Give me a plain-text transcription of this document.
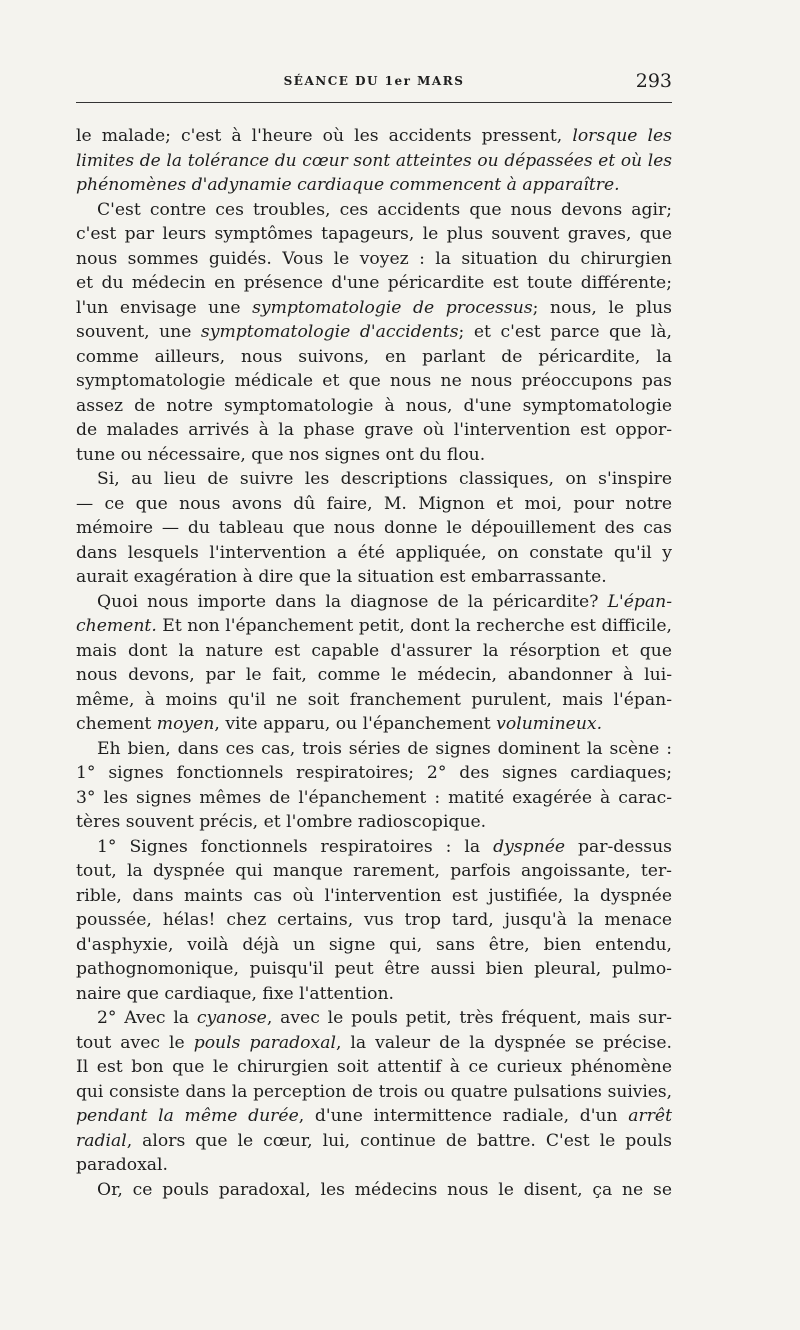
SÉANCE DU 1er MARS	293
le malade; c'est à l'heure où les accidents pressent, lorsque les
limites de la tolérance du cœur sont atteintes ou dépassées et où les
phénomènes d'adynamie cardiaque commencent à apparaître.
C'est contre ces troubles, ces accidents que nous devons agir;
c'est par leurs symptômes tapageurs, le plus souvent graves, que
nous sommes guidés. Vous le voyez : la situation du chirurgien
et du médecin en présence d'une péricardite est toute différente;
l'un envisage une symptomatologie de processus; nous, le plus
souvent, une symptomatologie d'accidents; et c'est parce que là,
comme ailleurs, nous suivons, en parlant de péricardite, la
symptomatologie médicale et que nous ne nous préoccupons pas
assez de notre symptomatologie à nous, d'une symptomatologie
de malades arrivés à la phase grave où l'intervention est oppor-
tune ou nécessaire, que nos signes ont du flou.
Si, au lieu de suivre les descriptions classiques, on s'inspire
— ce que nous avons dû faire, M. Mignon et moi, pour notre
mémoire — du tableau que nous donne le dépouillement des cas
dans lesquels l'intervention a été appliquée, on constate qu'il y
aurait exagération à dire que la situation est embarrassante.
Quoi nous importe dans la diagnose de la péricardite? L'épan-
chement. Et non l'épanchement petit, dont la recherche est difficile,
mais dont la nature est capable d'assurer la résorption et que
nous devons, par le fait, comme le médecin, abandonner à lui-
même, à moins qu'il ne soit franchement purulent, mais l'épan-
chement moyen, vite apparu, ou l'épanchement volumineux.
Eh bien, dans ces cas, trois séries de signes dominent la scène :
1° signes fonctionnels respiratoires; 2° des signes cardiaques;
3° les signes mêmes de l'épanchement : matité exagérée à carac-
tères souvent précis, et l'ombre radioscopique.
1° Signes fonctionnels respiratoires : la dyspnée par-dessus
tout, la dyspnée qui manque rarement, parfois angoissante, ter-
rible, dans maints cas où l'intervention est justifiée, la dyspnée
poussée, hélas! chez certains, vus trop tard, jusqu'à la menace
d'asphyxie, voilà déjà un signe qui, sans être, bien entendu,
pathognomonique, puisqu'il peut être aussi bien pleural, pulmo-
naire que cardiaque, fixe l'attention.
2° Avec la cyanose, avec le pouls petit, très fréquent, mais sur-
tout avec le pouls paradoxal, la valeur de la dyspnée se précise.
Il est bon que le chirurgien soit attentif à ce curieux phénomène
qui consiste dans la perception de trois ou quatre pulsations suivies,
pendant la même durée, d'une intermittence radiale, d'un arrêt
radial, alors que le cœur, lui, continue de battre. C'est le pouls
paradoxal.
Or, ce pouls paradoxal, les médecins nous le disent, ça ne se
